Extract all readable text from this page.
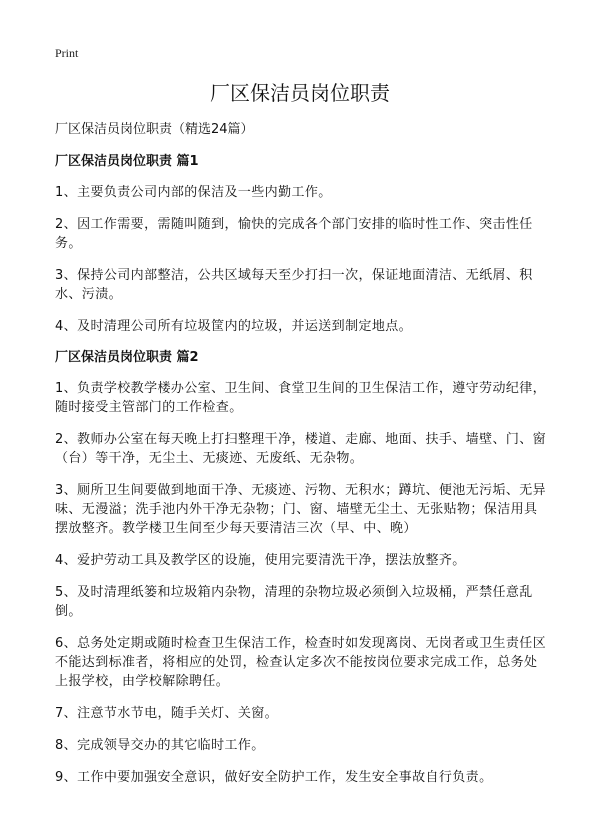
Print
厂区保洁员岗位职责
厂区保洁员岗位职责（精选24篇）
厂区保洁员岗位职责 篇1
1、主要负责公司内部的保洁及一些内勤工作。
2、因工作需要，需随叫随到，愉快的完成各个部门安排的临时性工作、突击性任务。
3、保持公司内部整洁，公共区域每天至少打扫一次，保证地面清洁、无纸屑、积水、污渍。
4、及时清理公司所有垃圾筐内的垃圾，并运送到制定地点。
厂区保洁员岗位职责 篇2
1、负责学校教学楼办公室、卫生间、食堂卫生间的卫生保洁工作，遵守劳动纪律，随时接受主管部门的工作检查。
2、教师办公室在每天晚上打扫整理干净，楼道、走廊、地面、扶手、墙壁、门、窗（台）等干净，无尘土、无痰迹、无废纸、无杂物。
3、厕所卫生间要做到地面干净、无痰迹、污物、无积水；蹲坑、便池无污垢、无异味、无漫溢；洗手池内外干净无杂物；门、窗、墙壁无尘土、无张贴物；保洁用具摆放整齐。教学楼卫生间至少每天要清洁三次（早、中、晚）
4、爱护劳动工具及教学区的设施，使用完要清洗干净，摆法放整齐。
5、及时清理纸篓和垃圾箱内杂物，清理的杂物垃圾必须倒入垃圾桶，严禁任意乱倒。
6、总务处定期或随时检查卫生保洁工作，检查时如发现离岗、无岗者或卫生责任区不能达到标准者，将相应的处罚，检查认定多次不能按岗位要求完成工作，总务处上报学校，由学校解除聘任。
7、注意节水节电，随手关灯、关窗。
8、完成领导交办的其它临时工作。
9、工作中要加强安全意识，做好安全防护工作，发生安全事故自行负责。
